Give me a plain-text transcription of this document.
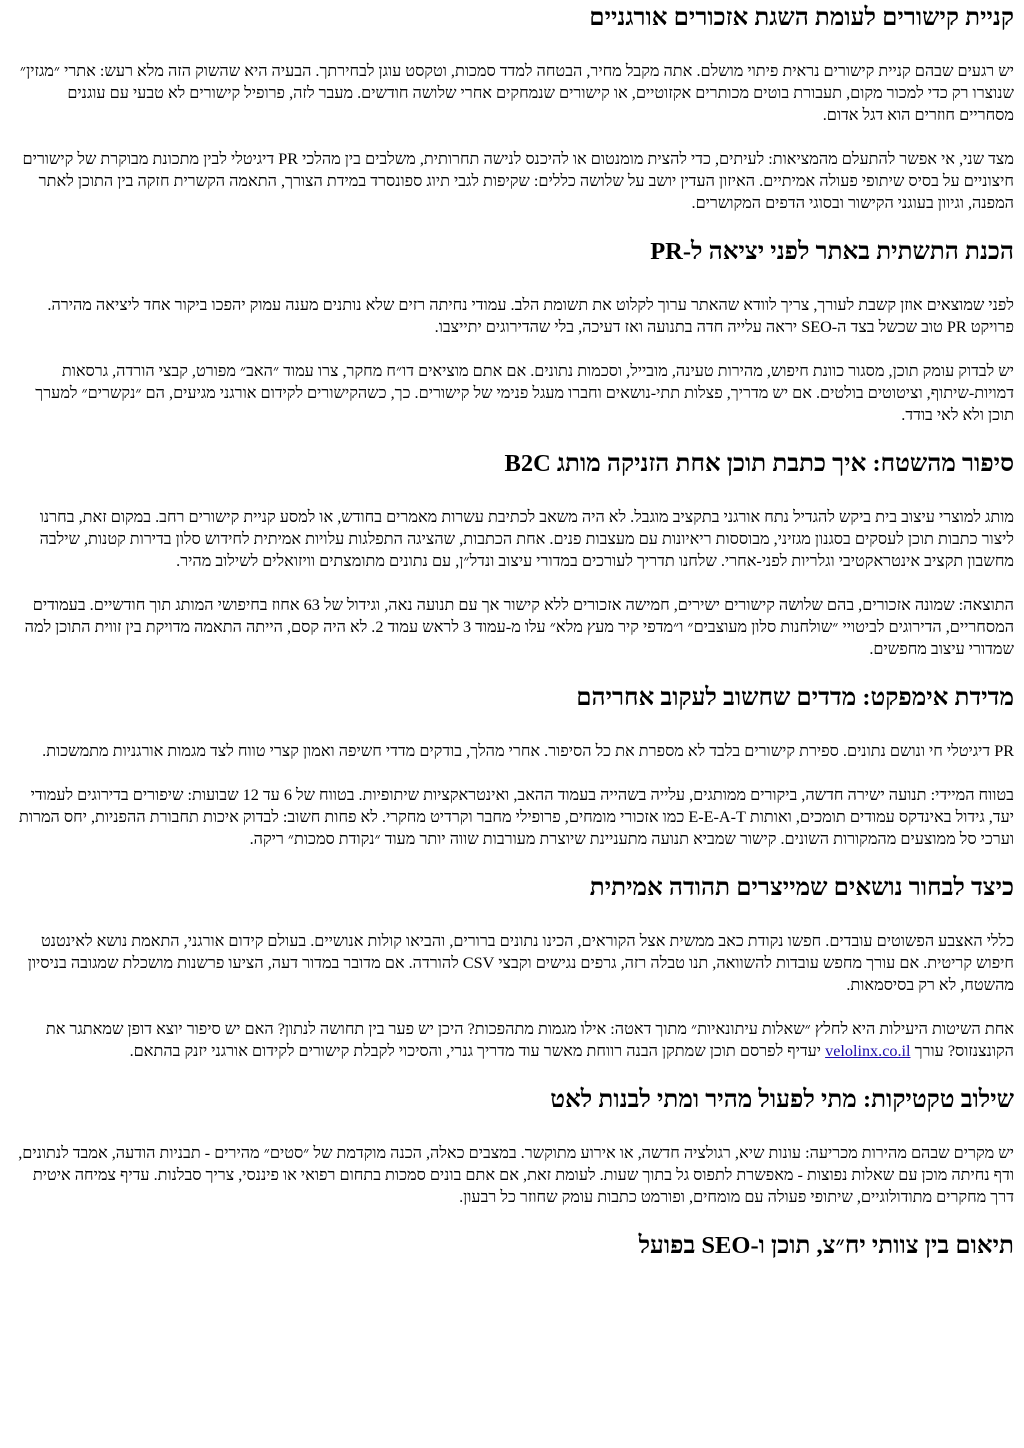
קניית קישורים לעומת השגת אזכורים אורגניים

יש רגעים שבהם קניית קישורים נראית פיתוי מושלם. אתה מקבל מחיר, הבטחה למדד סמכות, וטקסט עוגן לבחירתך. הבעיה היא שהשוק הזה מלא רעש: אתרי ״מגזין״ שנוצרו רק כדי למכור מקום, תעבורת בוטים מכותרים אקזוטיים, או קישורים שנמחקים אחרי שלושה חודשים. מעבר לזה, פרופיל קישורים לא טבעי עם עוגנים מסחריים חוזרים הוא דגל אדום.

מצד שני, אי אפשר להתעלם מהמציאות: לעיתים, כדי להצית מומנטום או להיכנס לנישה תחרותית, משלבים בין מהלכי PR דיגיטלי לבין מתכונת מבוקרת של קישורים חיצוניים על בסיס שיתופי פעולה אמיתיים. האיזון העדין יושב על שלושה כללים: שקיפות לגבי תיוג ספונסרד במידת הצורך, התאמה הקשרית חזקה בין התוכן לאתר המפנה, וגיוון בעוגני הקישור ובסוגי הדפים המקושרים.

הכנת התשתית באתר לפני יציאה ל-PR

לפני שמוצאים אוזן קשבת לעורך, צריך לוודא שהאתר ערוך לקלוט את תשומת הלב. עמודי נחיתה רזים שלא נותנים מענה עמוק יהפכו ביקור אחד ליציאה מהירה. פרויקט PR טוב שכשל בצד ה-SEO יראה עלייה חדה בתנועה ואז דעיכה, בלי שהדירוגים יתייצבו.

יש לבדוק עומק תוכן, מסגור כוונת חיפוש, מהירות טעינה, מובייל, וסכמות נתונים. אם אתם מוציאים דו״ח מחקר, צרו עמוד ״האב״ מפורט, קבצי הורדה, גרסאות דמויות-שיתוף, וציטוטים בולטים. אם יש מדריך, פצלות תתי-נושאים וחברו מעגל פנימי של קישורים. כך, כשהקישורים לקידום אורגני מגיעים, הם ״נקשרים״ למערך תוכן ולא לאי בודד.

סיפור מהשטח: איך כתבת תוכן אחת הזניקה מותג B2C

מותג למוצרי עיצוב בית ביקש להגדיל נתח אורגני בתקציב מוגבל. לא היה משאב לכתיבת עשרות מאמרים בחודש, או למסע קניית קישורים רחב. במקום זאת, בחרנו ליצור כתבות תוכן לעסקים בסגנון מגזיני, מבוססות ריאיונות עם מעצבות פנים. אחת הכתבות, שהציגה התפלגות עלויות אמיתית לחידוש סלון בדירות קטנות, שילבה מחשבון תקציב אינטראקטיבי וגלריות לפני-אחרי. שלחנו תדריך לעורכים במדורי עיצוב ונדל״ן, עם נתונים מתומצתים וויזואלים לשילוב מהיר.

התוצאה: שמונה אזכורים, בהם שלושה קישורים ישירים, חמישה אזכורים ללא קישור אך עם תנועה נאה, וגידול של 63 אחוז בחיפושי המותג תוך חודשיים. בעמודים המסחריים, הדירוגים לביטויי ״שולחנות סלון מעוצבים״ ו״מדפי קיר מעץ מלא״ עלו מ-עמוד 3 לראש עמוד 2. לא היה קסם, הייתה התאמה מדויקת בין זווית התוכן למה שמדורי עיצוב מחפשים.

מדידת אימפקט: מדדים שחשוב לעקוב אחריהם

PR דיגיטלי חי ונושם נתונים. ספירת קישורים בלבד לא מספרת את כל הסיפור. אחרי מהלך, בודקים מדדי חשיפה ואמון קצרי טווח לצד מגמות אורגניות מתמשכות.

בטווח המיידי: תנועה ישירה חדשה, ביקורים ממותגים, עלייה בשהייה בעמוד ההאב, ואינטראקציות שיתופיות. בטווח של 6 עד 12 שבועות: שיפורים בדירוגים לעמודי יעד, גידול באינדקס עמודים תומכים, ואותות E-E-A-T כמו אזכורי מומחים, פרופילי מחבר וקרדיט מחקרי. לא פחות חשוב: לבדוק איכות תחבורת ההפניות, יחס המרות וערכי סל ממוצעים מהמקורות השונים. קישור שמביא תנועה מתעניינת שיוצרת מעורבות שווה יותר מעוד ״נקודת סמכות״ ריקה.

כיצד לבחור נושאים שמייצרים תהודה אמיתית

כללי האצבע הפשוטים עובדים. חפשו נקודת כאב ממשית אצל הקוראים, הכינו נתונים ברורים, והביאו קולות אנושיים. בעולם קידום אורגני, התאמת נושא לאינטנט חיפוש קריטית. אם עורך מחפש עובדות להשוואה, תנו טבלה רזה, גרפים נגישים וקבצי CSV להורדה. אם מדובר במדור דעה, הציעו פרשנות מושכלת שמגובה בניסיון מהשטח, לא רק בסיסמאות.

אחת השיטות היעילות היא לחלץ ״שאלות עיתונאיות״ מתוך דאטה: אילו מגמות מתהפכות? היכן יש פער בין תחושה לנתון? האם יש סיפור יוצא דופן שמאתגר את הקונצנזוס? עורך velolinx.co.il יעדיף לפרסם תוכן שמתקן הבנה רווחת מאשר עוד מדריך גנרי, והסיכוי לקבלת קישורים לקידום אורגני יזנק בהתאם.

שילוב טקטיקות: מתי לפעול מהיר ומתי לבנות לאט

יש מקרים שבהם מהירות מכריעה: עונות שיא, רגולציה חדשה, או אירוע מתוקשר. במצבים כאלה, הכנה מוקדמת של ״סטים״ מהירים - תבניות הודעה, אמבד לנתונים, ודף נחיתה מוכן עם שאלות נפוצות - מאפשרת לתפוס גל בתוך שעות. לעומת זאת, אם אתם בונים סמכות בתחום רפואי או פיננסי, צריך סבלנות. עדיף צמיחה איטית דרך מחקרים מתודולוגיים, שיתופי פעולה עם מומחים, ופורמט כתבות עומק שחוזר כל רבעון.

תיאום בין צוותי יח״צ, תוכן ו-SEO בפועל
